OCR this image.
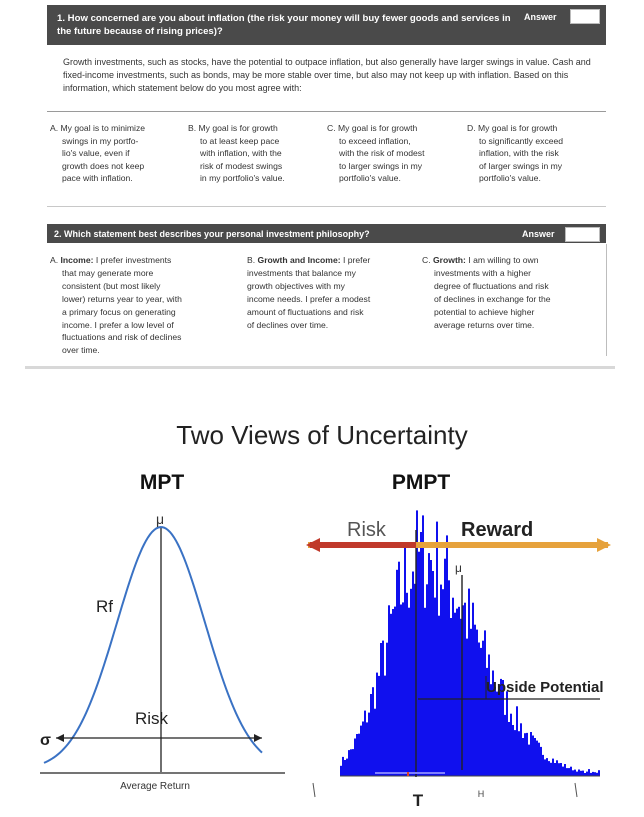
1. How concerned are you about inflation (the risk your money will buy fewer goods and services in the future because of rising prices)?
Answer
Growth investments, such as stocks, have the potential to outpace inflation, but also generally have larger swings in value. Cash and fixed-income investments, such as bonds, may be more stable over time, but also may not keep up with inflation. Based on this information, which statement below do you most agree with:
A. My goal is to minimize
swings in my portfo-
lio's value, even if
growth does not keep
pace with inflation.
B. My goal is for growth
to at least keep pace
with inflation, with the
risk of modest swings
in my portfolio's value.
C. My goal is for growth
to exceed inflation,
with the risk of modest
to larger swings in my
portfolio's value.
D. My goal is for growth
to significantly exceed
inflation, with the risk
of larger swings in my
portfolio's value.
2. Which statement best describes your personal investment philosophy?	Answer
A. Income: I prefer investments
that may generate more
consistent (but most likely
lower) returns year to year, with
a primary focus on generating
income. I prefer a low level of
fluctuations and risk of declines
over time.
B. Growth and Income: I prefer
investments that balance my
growth objectives with my
income needs. I prefer a modest
amount of fluctuations and risk
of declines over time.
C. Growth: I am willing to own
investments with a higher
degree of fluctuations and risk
of declines in exchange for the
potential to achieve higher
average returns over time.
Two Views of Uncertainty
MPT	PMPT
μ
Rf
Risk
σ
Average Return
Risk	Reward
μ
Upside Potential
T	H
